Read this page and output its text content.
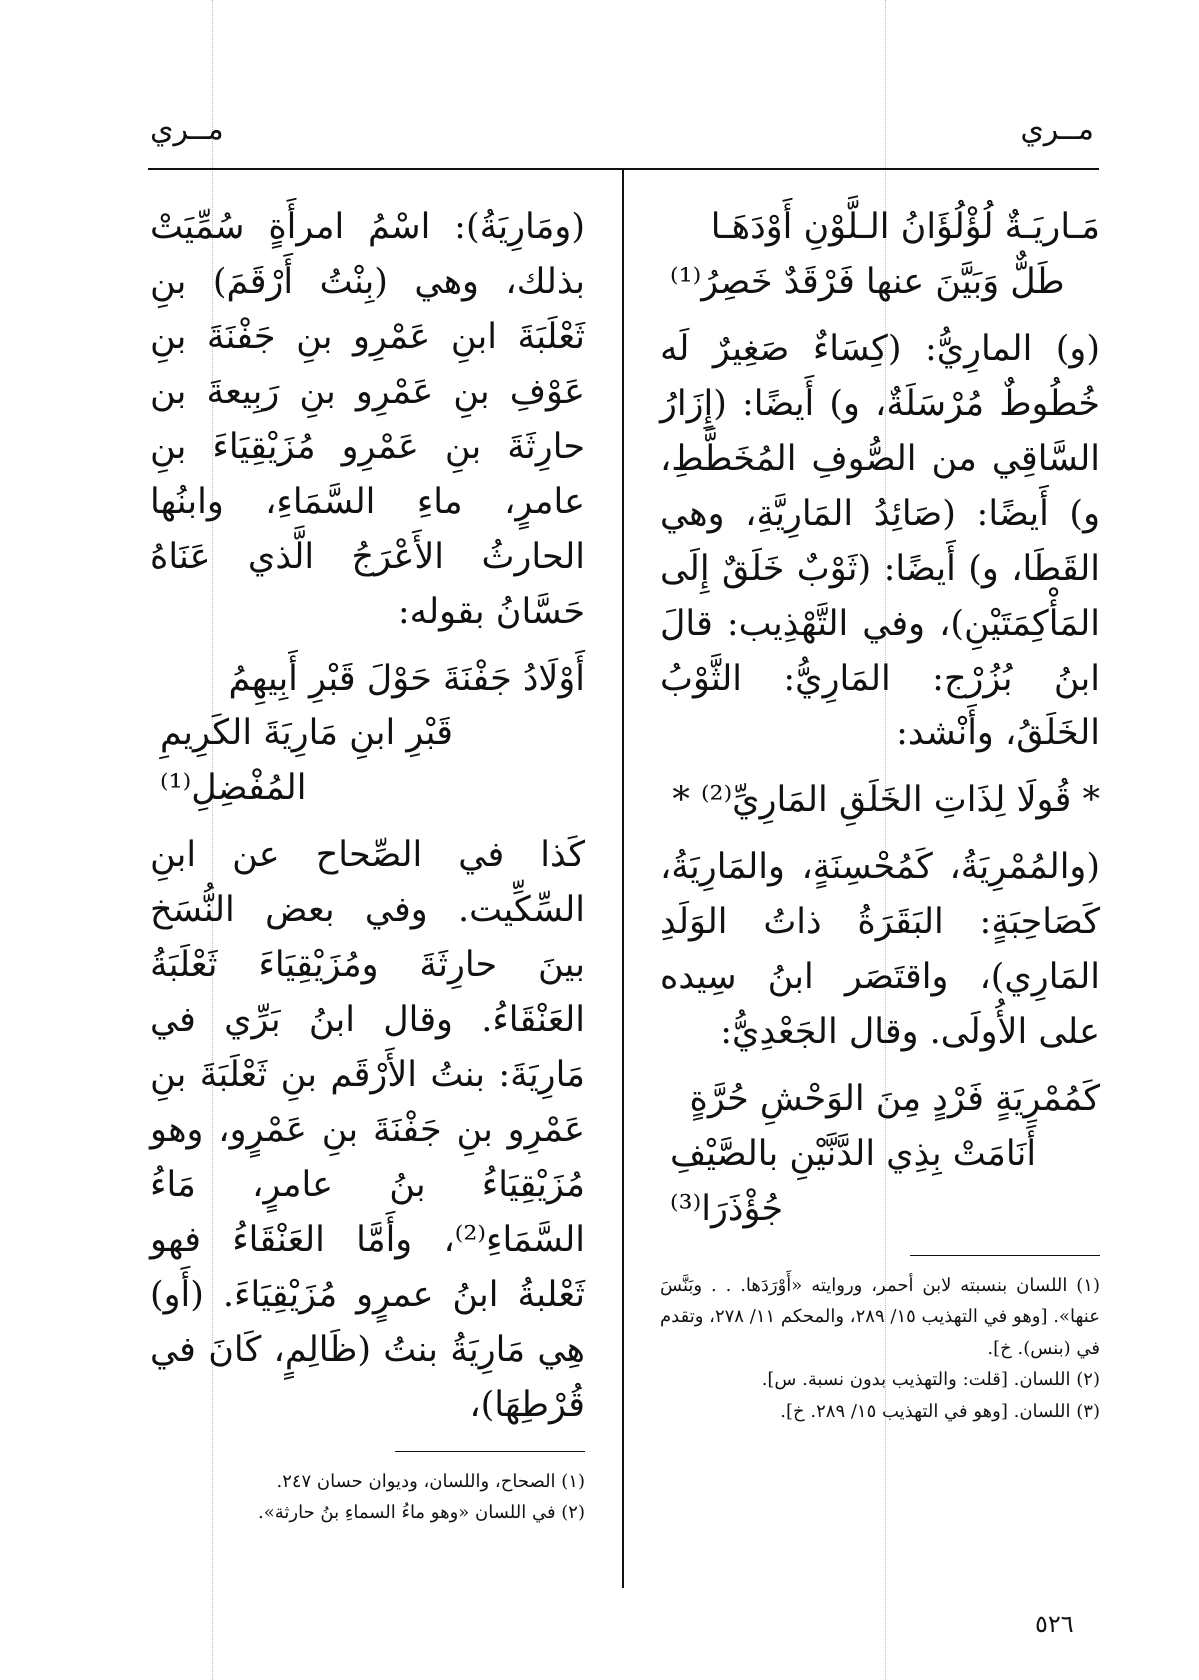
مــري	مــري

مَـاريَـةٌ لُؤْلُؤَانُ الـلَّوْنِ أَوْدَهَـا

طَلٌّ وَبَيَّنَ عنها فَرْقَدٌ خَصِرُ⁽¹⁾

(و) المارِيُّ: (كِسَاءٌ صَغِيرٌ لَه خُطُوطٌ مُرْسَلَةٌ، و) أَيضًا: (إِزَارُ السَّاقِي من الصُّوفِ المُخَطَّطِ، و) أَيضًا: (صَائِدُ المَارِيَّةِ، وهي القَطَا، و) أَيضًا: (ثَوْبٌ خَلَقٌ إِلَى المَأْكِمَتَيْنِ)، وفي التَّهْذِيب: قالَ ابنُ بُزُرْج: المَارِيُّ: الثَّوْبُ الخَلَقُ، وأَنْشد:

* قُولَا لِذَاتِ الخَلَقِ المَارِيِّ⁽²⁾ *

(والمُمْرِيَةُ، كَمُحْسِنَةٍ، والمَارِيَةُ، كَصَاحِبَةٍ: البَقَرَةُ ذاتُ الوَلَدِ المَارِي)، واقتَصَر ابنُ سِيده على الأُولَى. وقال الجَعْدِيُّ:

كَمُمْرِيَةٍ فَرْدٍ مِنَ الوَحْشِ حُرَّةٍ

أَنَامَتْ بِذِي الدَّنَّيْنِ بالصَّيْفِ جُؤْذَرَا⁽³⁾

(١) اللسان بنسبته لابن أحمر، وروايته «أَوْرَدَها. . . وبَنَّسَ عنها». [وهو في التهذيب ١٥/ ٢٨٩، والمحكم ١١/ ٢٧٨، وتقدم في (بنس). خ].

(٢) اللسان. [قلت: والتهذيب بدون نسبة. س].

(٣) اللسان. [وهو في التهذيب ١٥/ ٢٨٩. خ].

(ومَارِيَةُ): اسْمُ امرأَةٍ سُمِّيَتْ بذلك، وهي (بِنْتُ أَرْقَمَ) بنِ ثَعْلَبَةَ ابنِ عَمْرِو بنِ جَفْنَةَ بنِ عَوْفِ بنِ عَمْرِو بنِ رَبِيعةَ بن حارِثَةَ بنِ عَمْرِو مُزَيْقِيَاءَ بنِ عامرٍ، ماءِ السَّمَاءِ، وابنُها الحارثُ الأَعْرَجُ الَّذي عَنَاهُ حَسَّانُ بقوله:

أَوْلَادُ جَفْنَةَ حَوْلَ قَبْرِ أَبِيهِمُ

قَبْرِ ابنِ مَارِيَةَ الكَرِيمِ المُفْضِلِ⁽¹⁾

كَذا في الصِّحاح عن ابنِ السِّكِّيت. وفي بعض النُّسَخ بينَ حارِثَةَ ومُزَيْقِيَاءَ ثَعْلَبَةُ العَنْقَاءُ. وقال ابنُ بَرِّي في مَارِيَةَ: بنتُ الأَرْقَم بنِ ثَعْلَبَةَ بنِ عَمْرِو بنِ جَفْنَةَ بنِ عَمْرٍو، وهو مُزَيْقِيَاءُ بنُ عامرٍ، مَاءُ السَّمَاءِ⁽²⁾، وأَمَّا العَنْقَاءُ فهو ثَعْلبةُ ابنُ عمرٍو مُزَيْقِيَاءَ. (أَو) هِي مَارِيَةُ بنتُ (ظَالِمٍ، كَانَ في قُرْطِهَا)،

(١) الصحاح، واللسان، وديوان حسان ٢٤٧.

(٢) في اللسان «وهو ماءُ السماءِ بنُ حارثة».

٥٢٦
